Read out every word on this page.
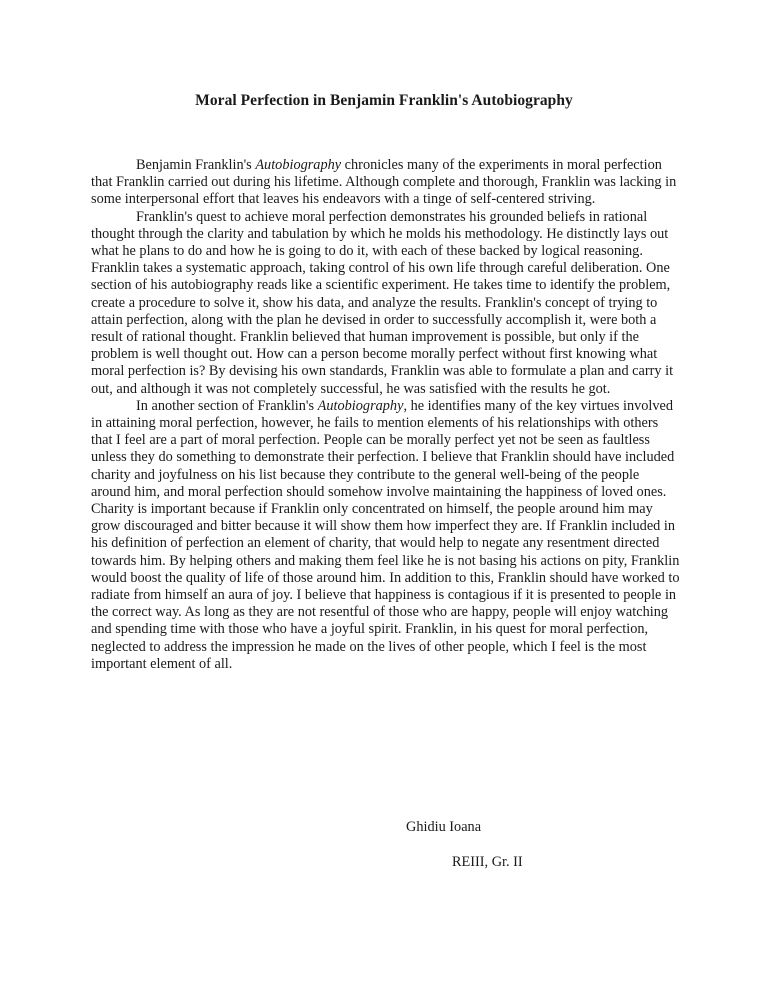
Moral Perfection in Benjamin Franklin's Autobiography

Benjamin Franklin's Autobiography chronicles many of the experiments in moral perfection that Franklin carried out during his lifetime. Although complete and thorough, Franklin was lacking in some interpersonal effort that leaves his endeavors with a tinge of self-centered striving.

Franklin's quest to achieve moral perfection demonstrates his grounded beliefs in rational thought through the clarity and tabulation by which he molds his methodology. He distinctly lays out what he plans to do and how he is going to do it, with each of these backed by logical reasoning. Franklin takes a systematic approach, taking control of his own life through careful deliberation. One section of his autobiography reads like a scientific experiment. He takes time to identify the problem, create a procedure to solve it, show his data, and analyze the results. Franklin's concept of trying to attain perfection, along with the plan he devised in order to successfully accomplish it, were both a result of rational thought. Franklin believed that human improvement is possible, but only if the problem is well thought out. How can a person become morally perfect without first knowing what moral perfection is? By devising his own standards, Franklin was able to formulate a plan and carry it out, and although it was not completely successful, he was satisfied with the results he got.

In another section of Franklin's Autobiography, he identifies many of the key virtues involved in attaining moral perfection, however, he fails to mention elements of his relationships with others that I feel are a part of moral perfection. People can be morally perfect yet not be seen as faultless unless they do something to demonstrate their perfection. I believe that Franklin should have included charity and joyfulness on his list because they contribute to the general well-being of the people around him, and moral perfection should somehow involve maintaining the happiness of loved ones. Charity is important because if Franklin only concentrated on himself, the people around him may grow discouraged and bitter because it will show them how imperfect they are. If Franklin included in his definition of perfection an element of charity, that would help to negate any resentment directed towards him. By helping others and making them feel like he is not basing his actions on pity, Franklin would boost the quality of life of those around him. In addition to this, Franklin should have worked to radiate from himself an aura of joy. I believe that happiness is contagious if it is presented to people in the correct way. As long as they are not resentful of those who are happy, people will enjoy watching and spending time with those who have a joyful spirit. Franklin, in his quest for moral perfection, neglected to address the impression he made on the lives of other people, which I feel is the most important element of all.

Ghidiu Ioana
REIII, Gr. II
